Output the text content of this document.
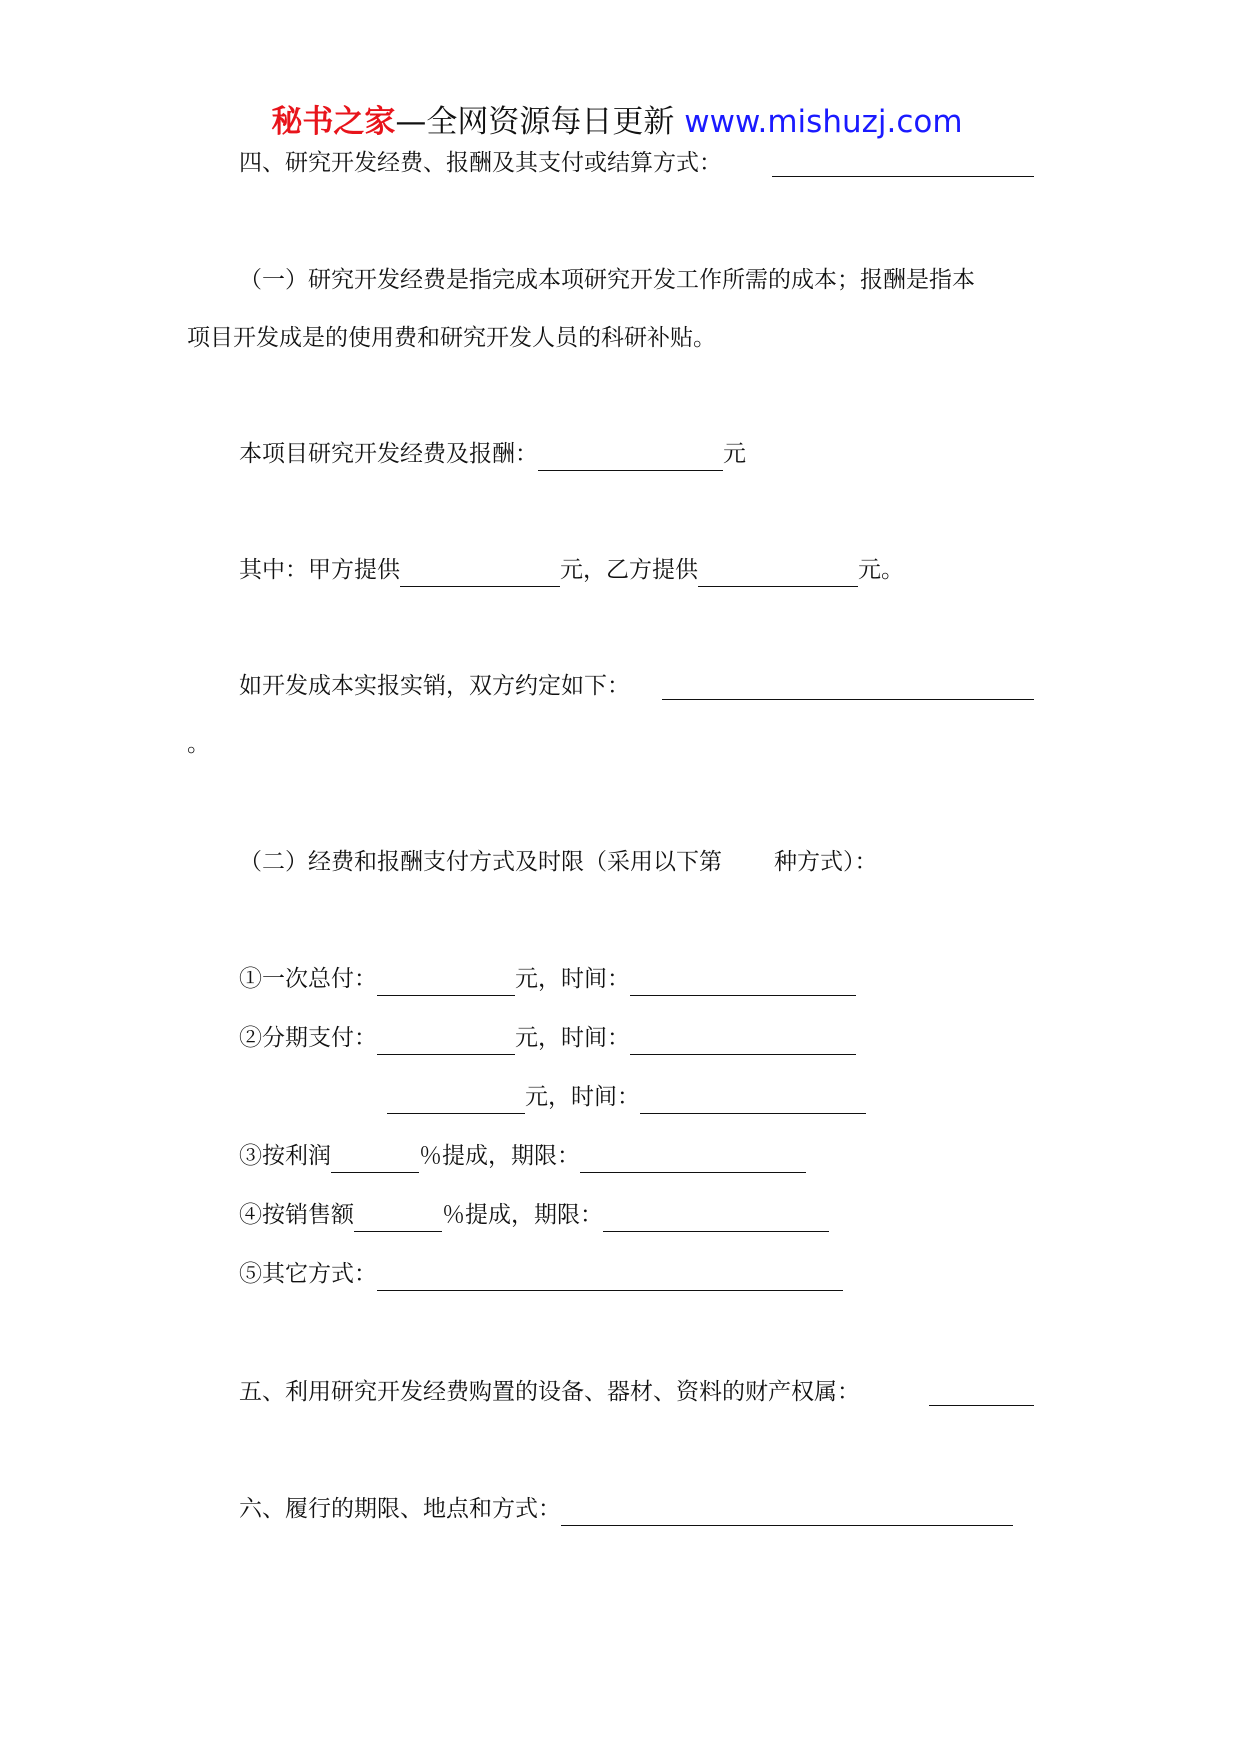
秘书之家—全网资源每日更新 www.mishuzj.com
四、研究开发经费、报酬及其支付或结算方式：
（一）研究开发经费是指完成本项研究开发工作所需的成本；报酬是指本
项目开发成是的使用费和研究开发人员的科研补贴。
本项目研究开发经费及报酬：	元
其中：甲方提供	元，乙方提供	元。
如开发成本实报实销，双方约定如下：
。
（二）经费和报酬支付方式及时限（采用以下第 种方式）：
①一次总付：	元，时间：
②分期支付：	元，时间：
元，时间：
③按利润	％提成，期限：
④按销售额	％提成，期限：
⑤其它方式：
五、利用研究开发经费购置的设备、器材、资料的财产权属：
六、履行的期限、地点和方式：
